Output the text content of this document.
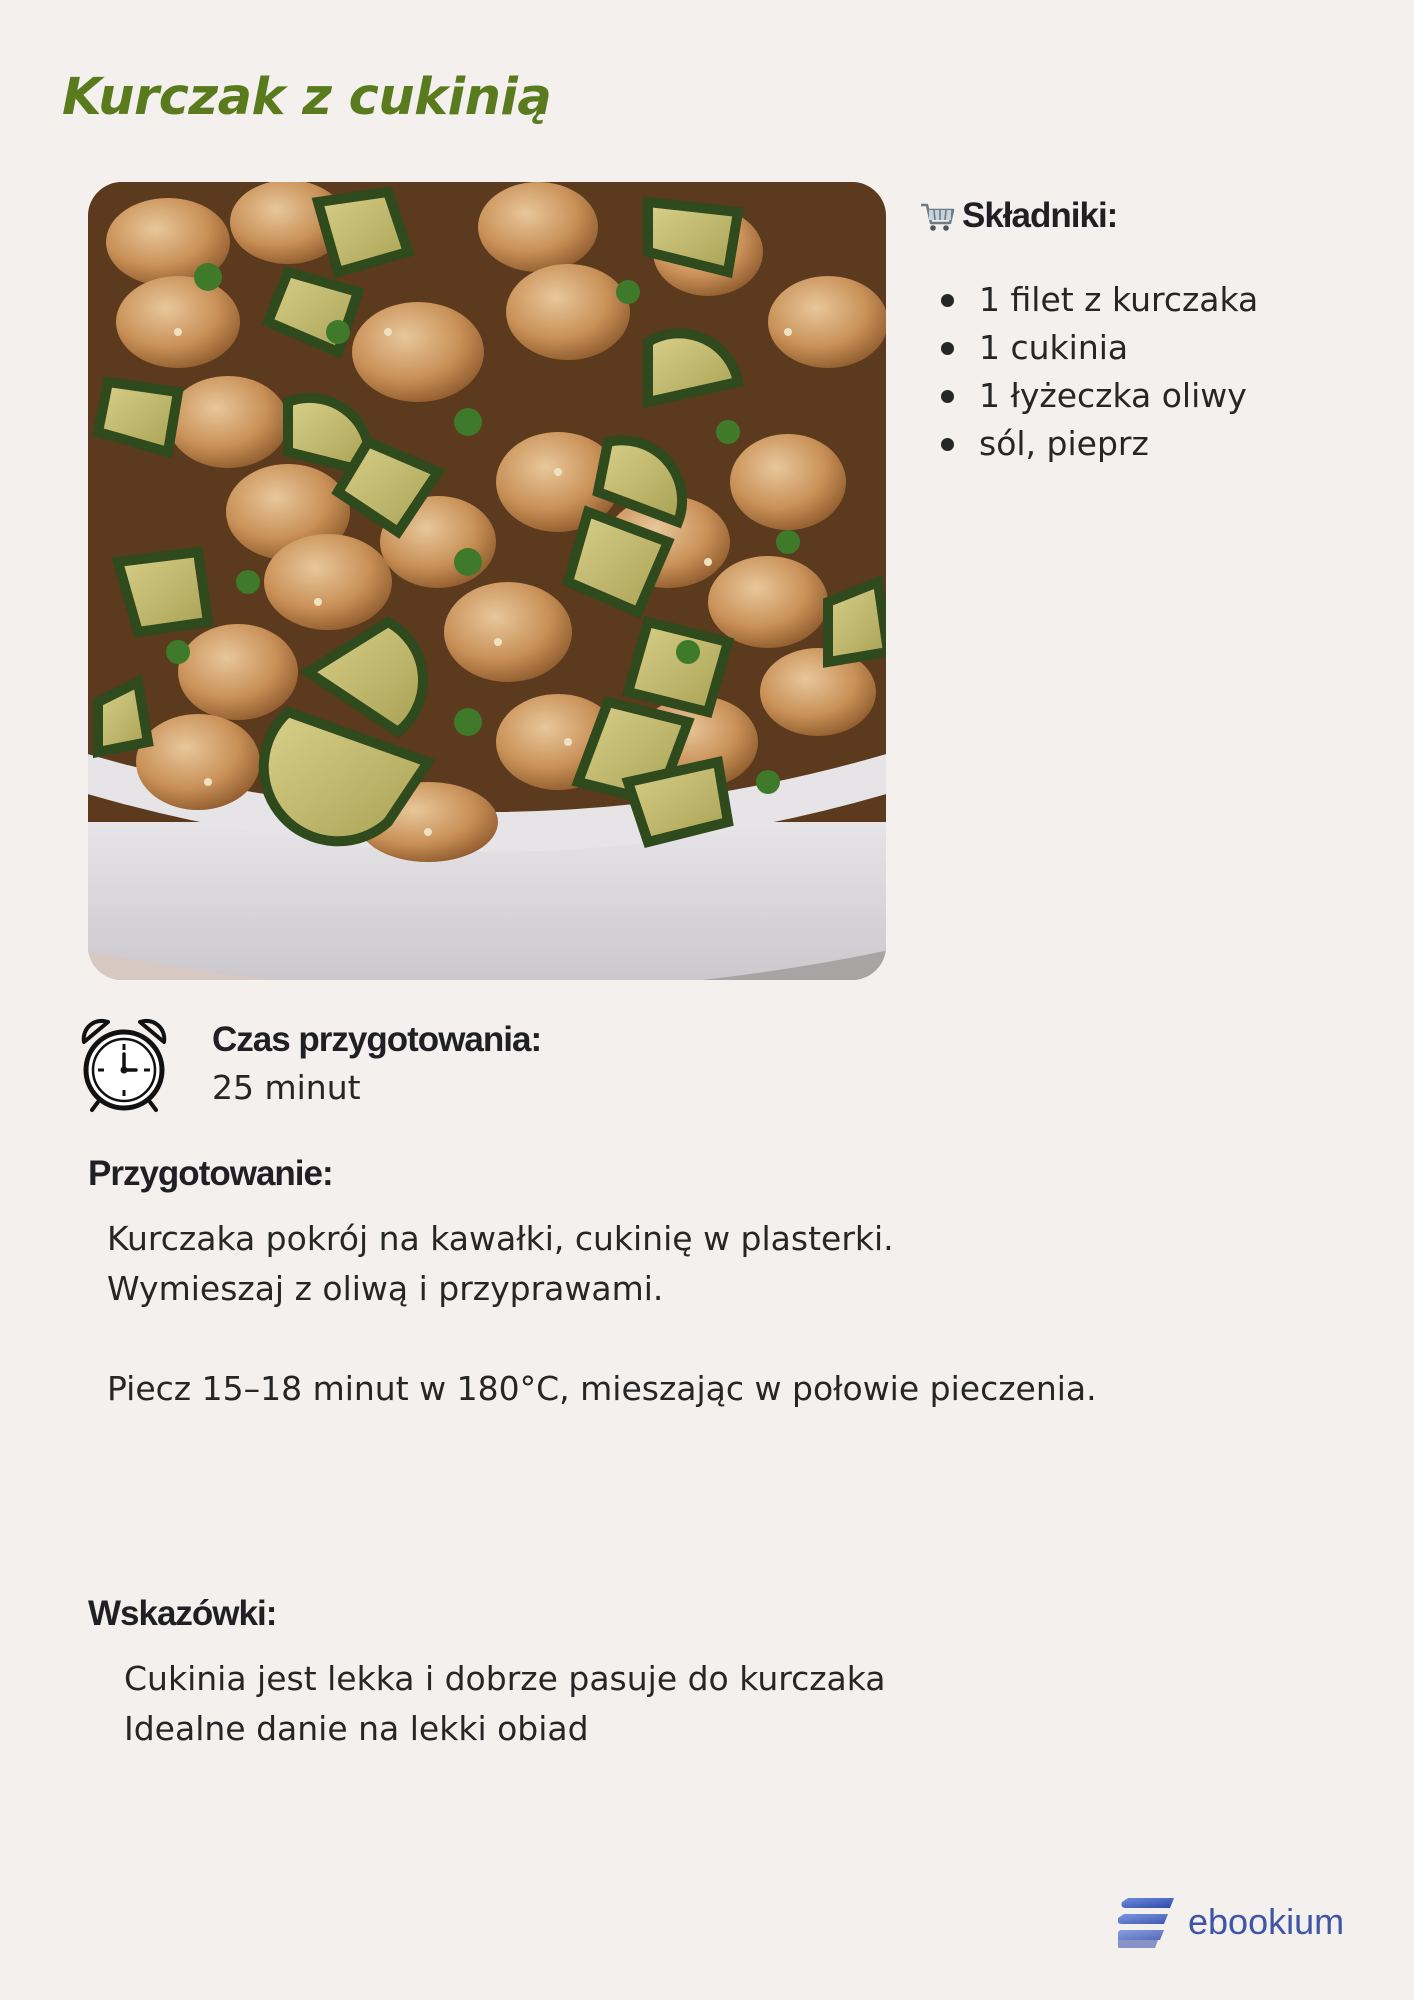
Kurczak z cukinią
Składniki:
1 filet z kurczaka
1 cukinia
1 łyżeczka oliwy
sól, pieprz
Czas przygotowania:
25 minut
Przygotowanie:

Kurczaka pokrój na kawałki, cukinię w plasterki.

Wymieszaj z oliwą i przyprawami.

Piecz 15–18 minut w 180°C, mieszając w połowie pieczenia.

Wskazówki:
Cukinia jest lekka i dobrze pasuje do kurczaka
Idealne danie na lekki obiad
ebookium
